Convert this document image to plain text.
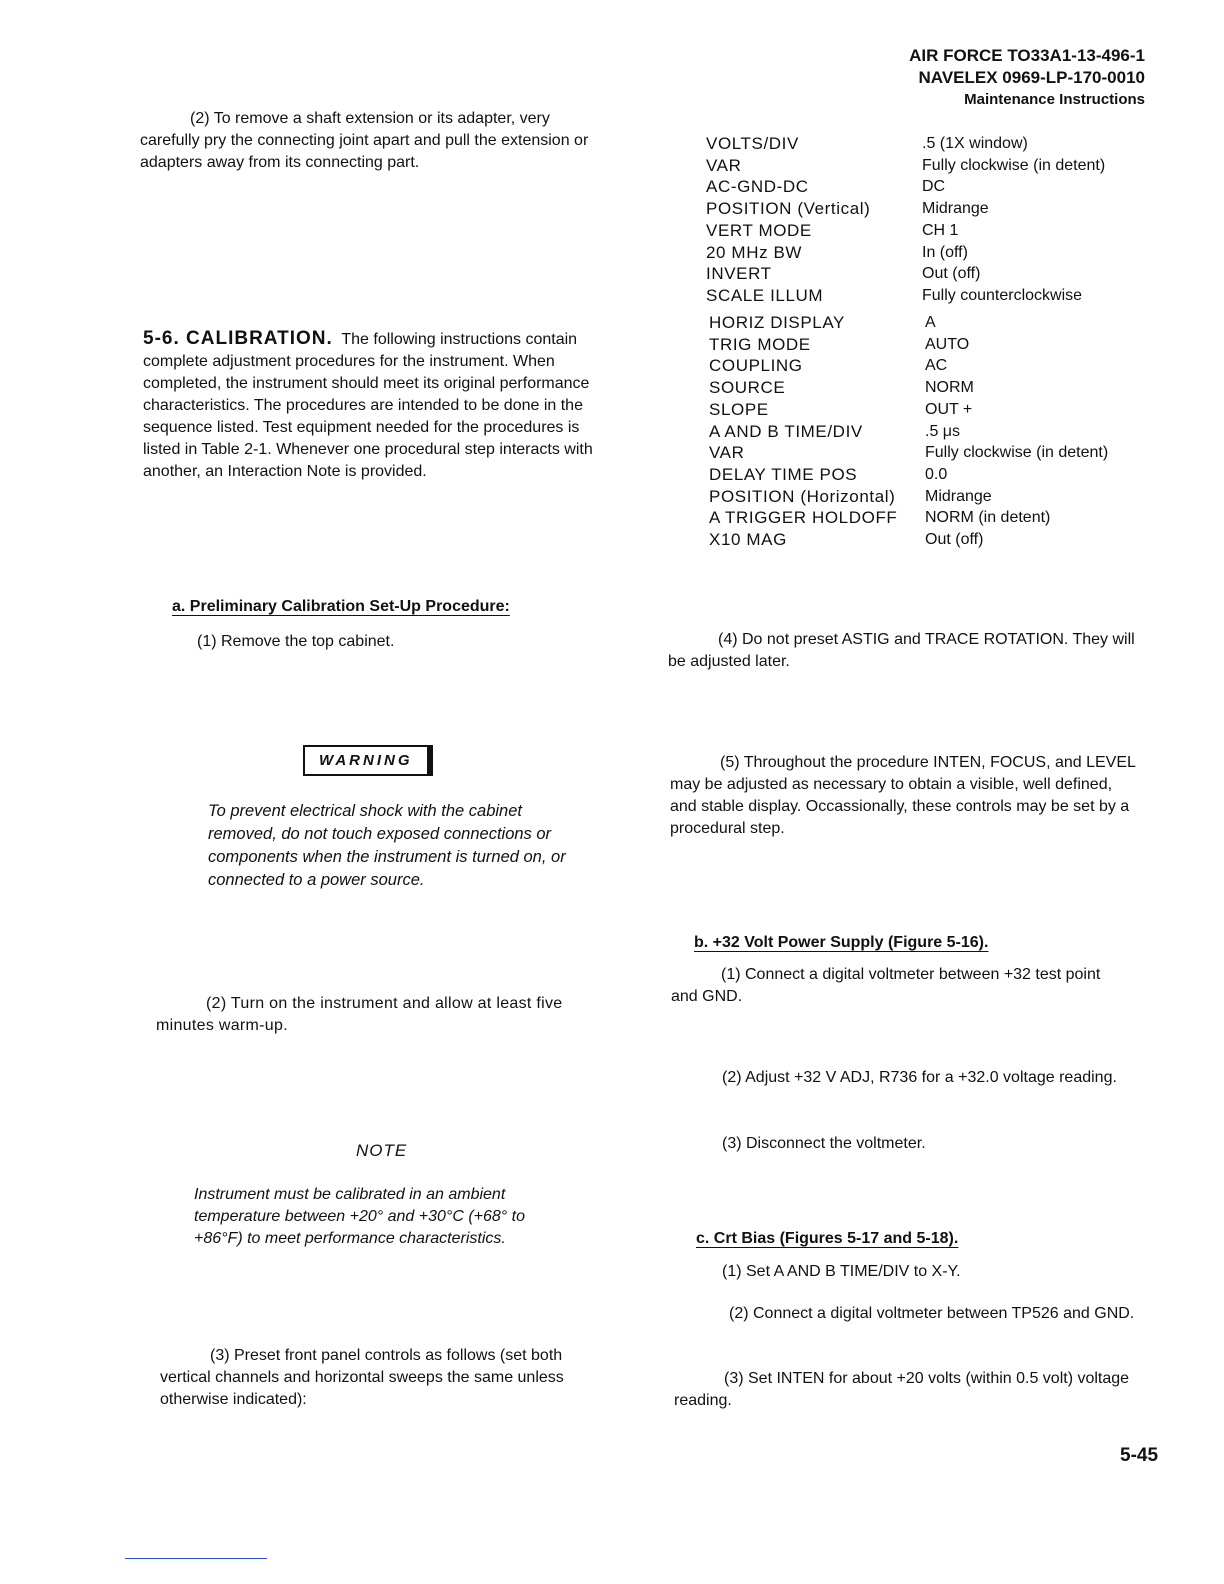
AIR FORCE TO33A1-13-496-1
NAVELEX 0969-LP-170-0010
Maintenance Instructions

(2) To remove a shaft extension or its adapter, very carefully pry the connecting joint apart and pull the extension or adapters away from its connecting part.

5-6. CALIBRATION. The following instructions contain complete adjustment procedures for the instrument. When completed, the instrument should meet its original performance characteristics. The procedures are intended to be done in the sequence listed. Test equipment needed for the procedures is listed in Table 2-1. Whenever one procedural step interacts with another, an Interaction Note is provided.

a. Preliminary Calibration Set-Up Procedure:
(1) Remove the top cabinet.
WARNING

To prevent electrical shock with the cabinet removed, do not touch exposed connections or components when the instrument is turned on, or connected to a power source.

(2) Turn on the instrument and allow at least five minutes warm-up.

NOTE

Instrument must be calibrated in an ambient temperature between +20° and +30°C (+68° to +86°F) to meet performance characteristics.

(3) Preset front panel controls as follows (set both vertical channels and horizontal sweeps the same unless otherwise indicated):

VOLTS/DIV	.5 (1X window)
VAR	Fully clockwise (in detent)
AC-GND-DC	DC
POSITION (Vertical)	Midrange
VERT MODE	CH 1
20 MHz BW	In (off)
INVERT	Out (off)
SCALE ILLUM	Fully counterclockwise
HORIZ DISPLAY	A
TRIG MODE	AUTO
COUPLING	AC
SOURCE	NORM
SLOPE	OUT +
A AND B TIME/DIV	.5 μs
VAR	Fully clockwise (in detent)
DELAY TIME POS	0.0
POSITION (Horizontal)	Midrange
A TRIGGER HOLDOFF	NORM (in detent)
X10 MAG	Out (off)

(4) Do not preset ASTIG and TRACE ROTATION. They will be adjusted later.

(5) Throughout the procedure INTEN, FOCUS, and LEVEL may be adjusted as necessary to obtain a visible, well defined, and stable display. Occassionally, these controls may be set by a procedural step.

b. +32 Volt Power Supply (Figure 5-16).

(1) Connect a digital voltmeter between +32 test point and GND.

(2) Adjust +32 V ADJ, R736 for a +32.0 voltage reading.

(3) Disconnect the voltmeter.

c. Crt Bias (Figures 5-17 and 5-18).

(1) Set A AND B TIME/DIV to X-Y.

(2) Connect a digital voltmeter between TP526 and GND.

(3) Set INTEN for about +20 volts (within 0.5 volt) voltage reading.

5-45
